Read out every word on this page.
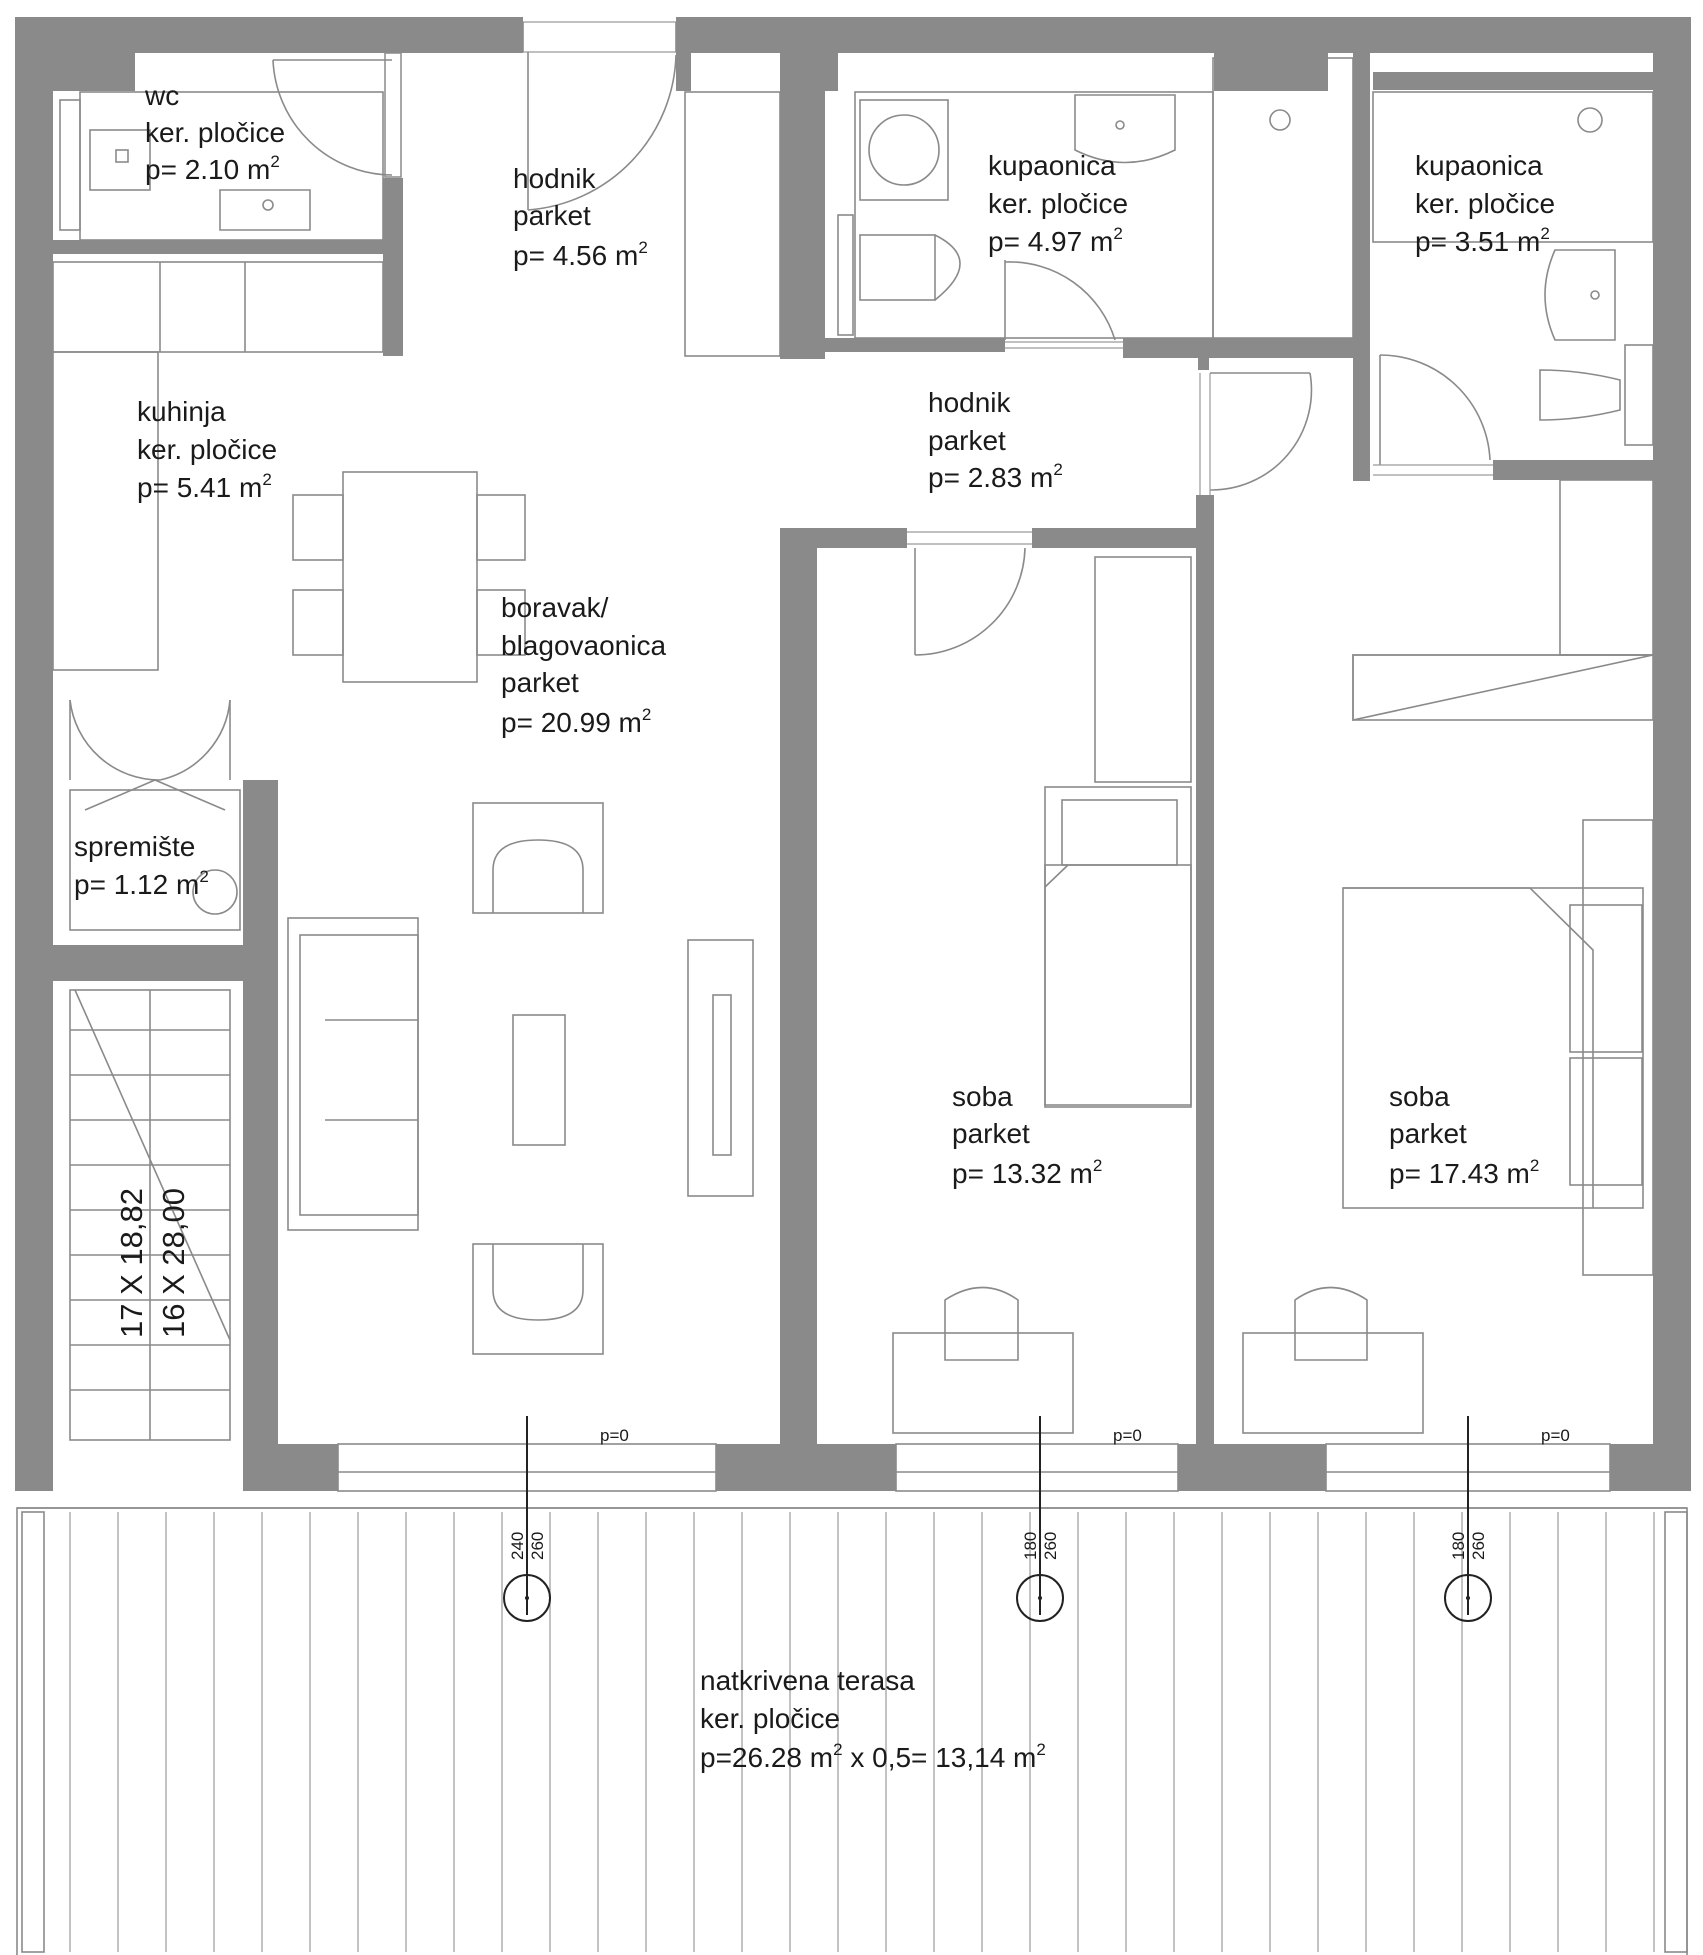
p=0
240 260
p=0
180 260
p=0
180 260
wc
ker. pločice
p= 2.10 $m^2$
hodnik
parket
p= 4.56 $m^2$
kupaonica
ker. pločice
p= 4.97 $m^2$
kupaonica
ker. pločice
p= 3.51 $m^2$
kuhinja
ker. pločice
p= 5.41 $m^2$
hodnik
parket
p= 2.83 $m^2$
boravak/
blagovaonica
parket
p= 20.99 $m^2$
spremište
p= 1.12 $m^2$
soba
parket
p= 13.32 $m^2$
soba
parket
p= 17.43 $m^2$
natkrivena terasa
ker. pločice
p=26.28 $m^2$ x 0,5= 13,14 $m^2$
17 X 18,82 16 X 28,00
